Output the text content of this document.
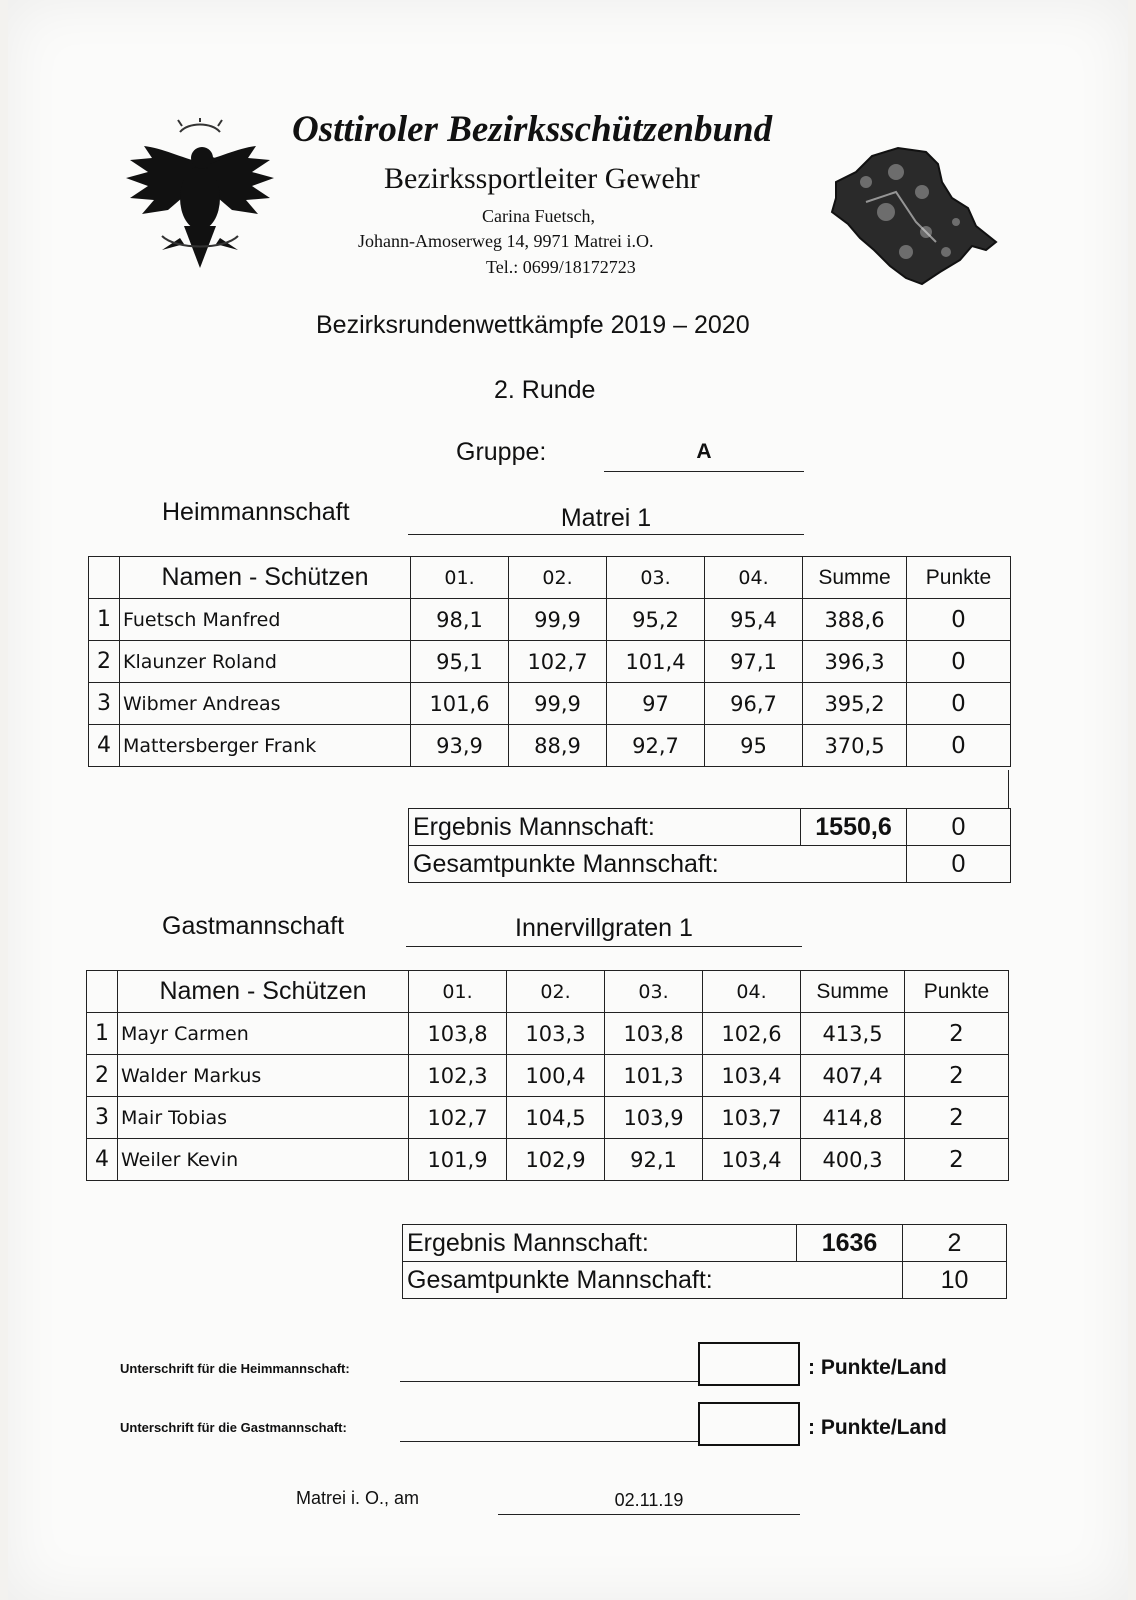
Osttiroler Bezirksschützenbund
Bezirkssportleiter Gewehr
Carina Fuetsch,
Johann-Amoserweg 14, 9971 Matrei i.O.
Tel.: 0699/18172723
Bezirksrundenwettkämpfe 2019 – 2020
2. Runde
Gruppe:	A
Heimmannschaft	Matrei 1
	Namen - Schützen	01.	02.	03.	04.	Summe	Punkte
1	Fuetsch Manfred	98,1	99,9	95,2	95,4	388,6	0
2	Klaunzer Roland	95,1	102,7	101,4	97,1	396,3	0
3	Wibmer Andreas	101,6	99,9	97	96,7	395,2	0
4	Mattersberger Frank	93,9	88,9	92,7	95	370,5	0
Ergebnis Mannschaft:	1550,6	0
Gesamtpunkte Mannschaft:		0
Gastmannschaft	Innervillgraten 1
	Namen - Schützen	01.	02.	03.	04.	Summe	Punkte
1	Mayr Carmen	103,8	103,3	103,8	102,6	413,5	2
2	Walder Markus	102,3	100,4	101,3	103,4	407,4	2
3	Mair Tobias	102,7	104,5	103,9	103,7	414,8	2
4	Weiler Kevin	101,9	102,9	92,1	103,4	400,3	2
Ergebnis Mannschaft:	1636	2
Gesamtpunkte Mannschaft:		10
Unterschrift für die Heimmannschaft:	: Punkte/Land
Unterschrift für die Gastmannschaft:	: Punkte/Land
Matrei i. O., am	02.11.19
